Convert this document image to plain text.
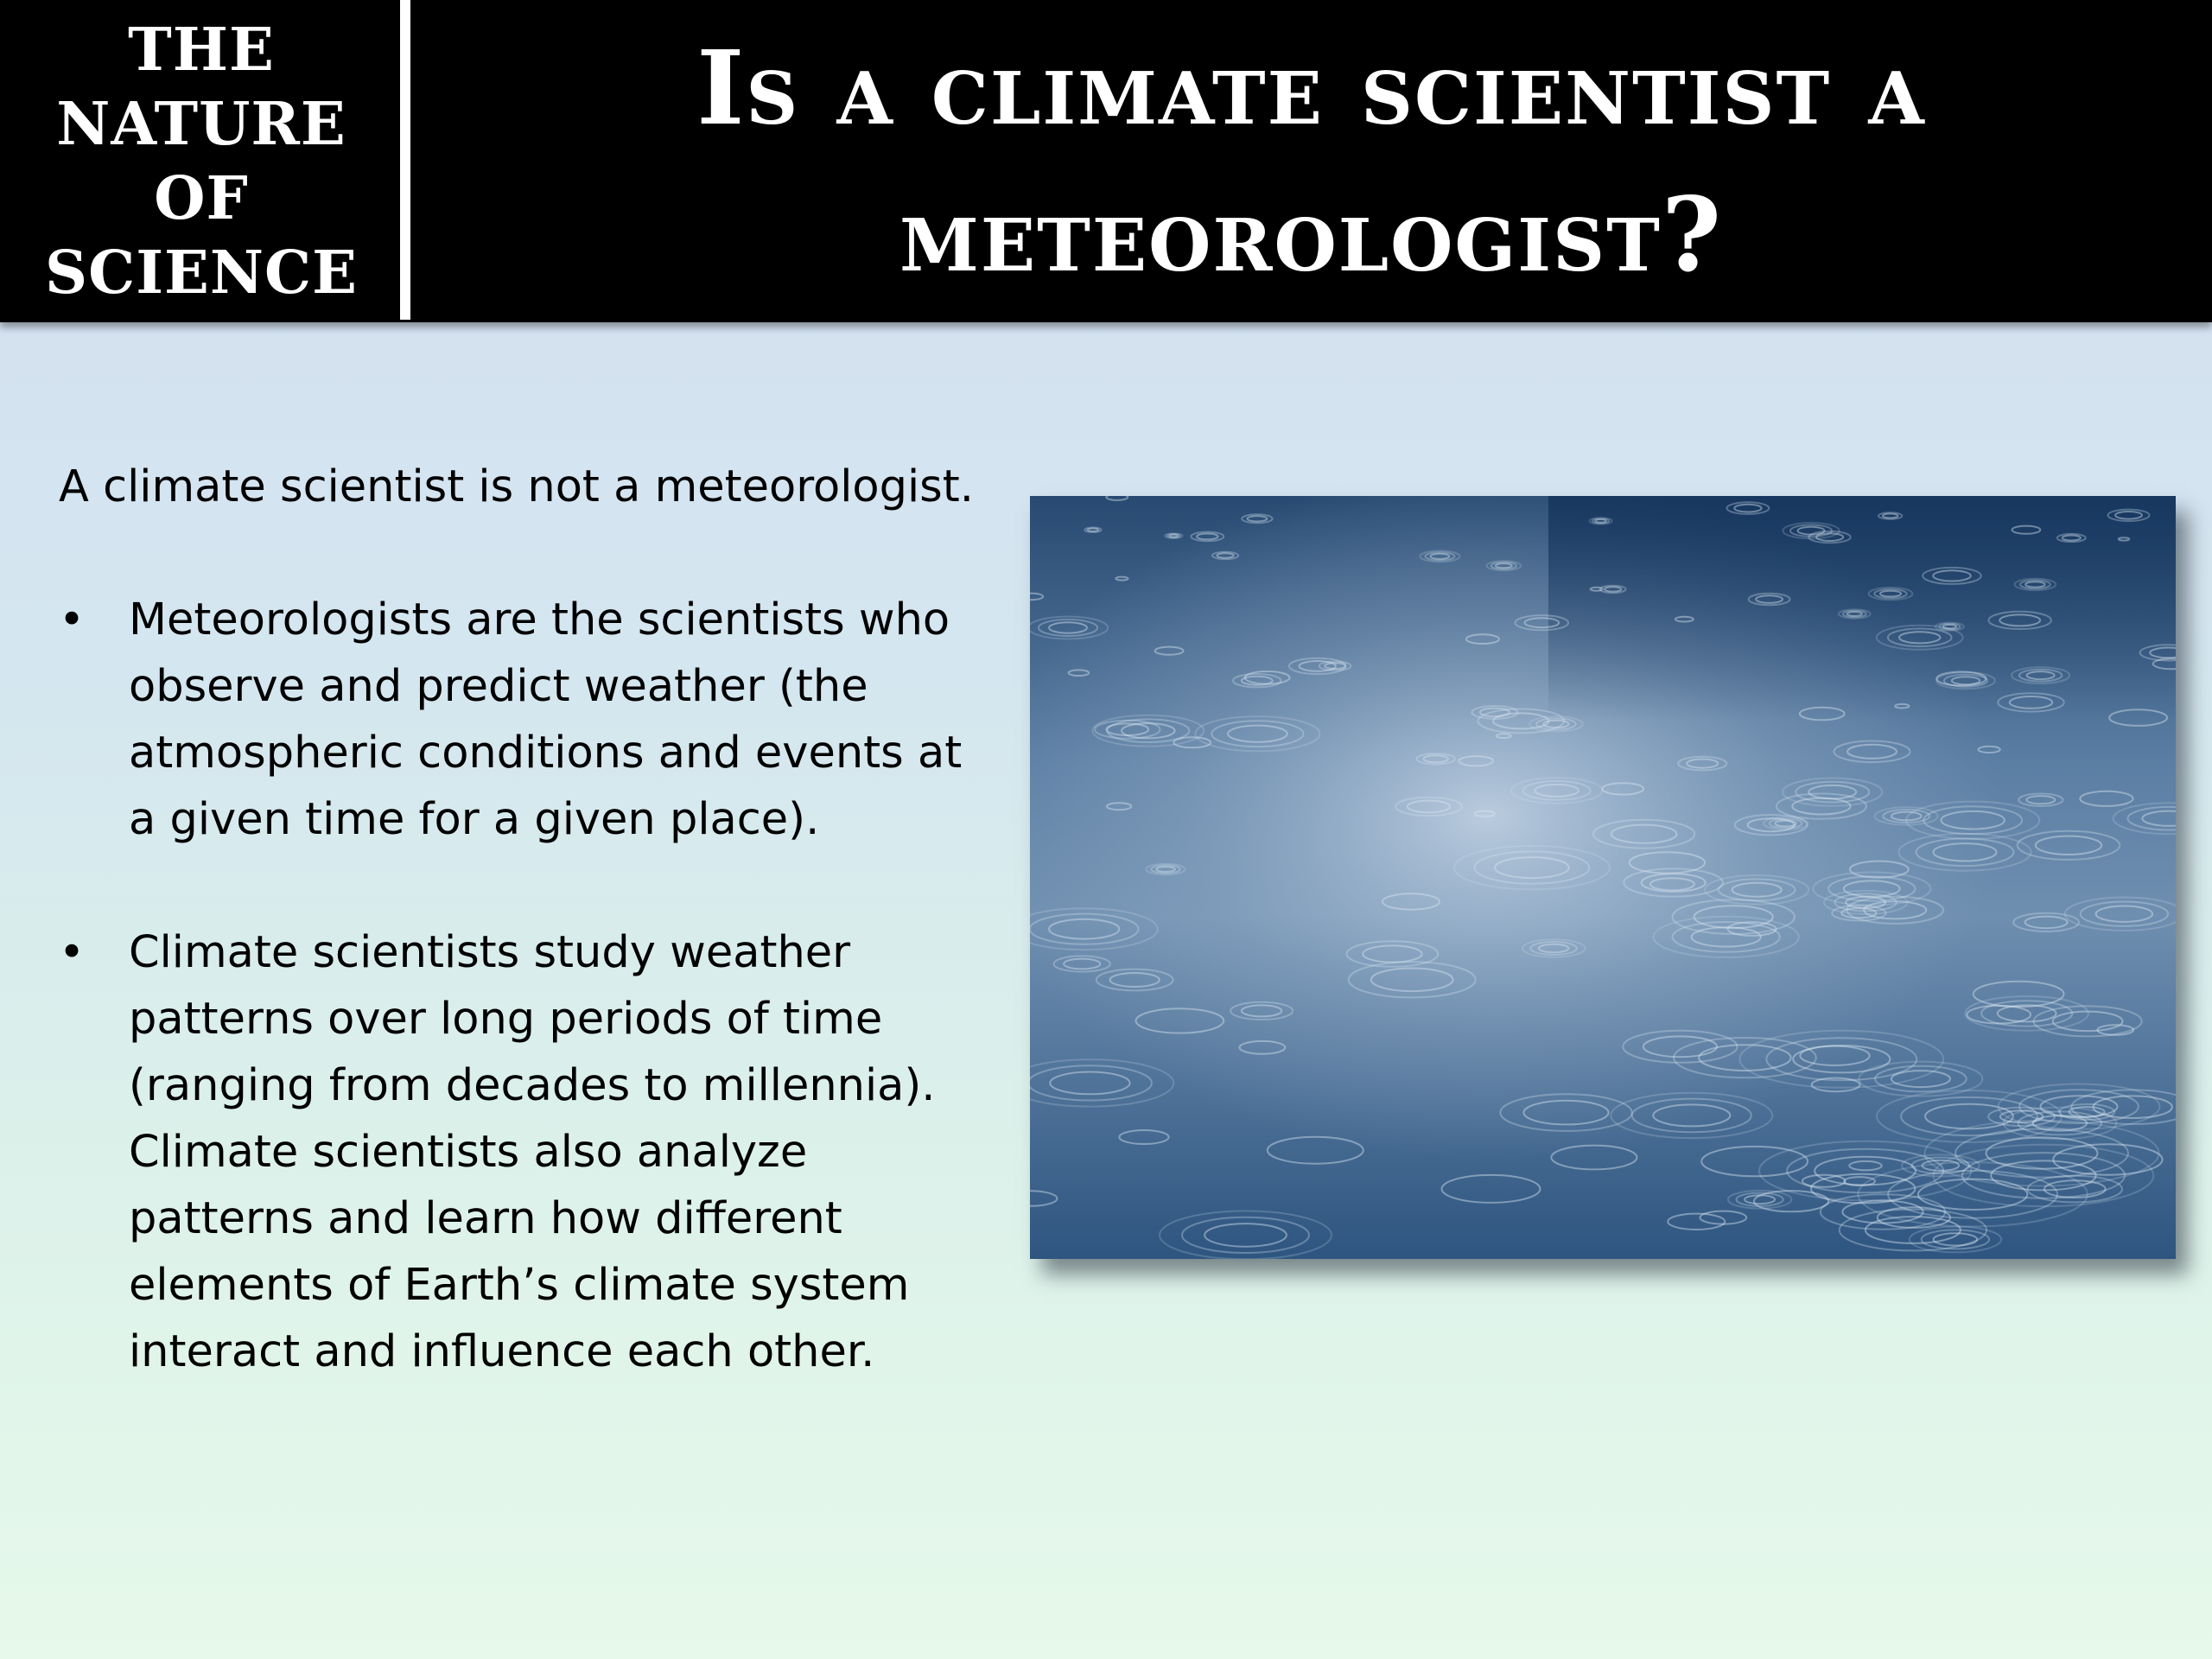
THE
NATURE
OF
SCIENCE
Is a climate scientist a
meteorologist?

A climate scientist is not a meteorologist.

• Meteorologists are the scientists who observe and predict weather (the atmospheric conditions and events at a given time for a given place).
• Climate scientists study weather patterns over long periods of time (ranging from decades to millennia). Climate scientists also analyze patterns and learn how different elements of Earth’s climate system interact and influence each other.
